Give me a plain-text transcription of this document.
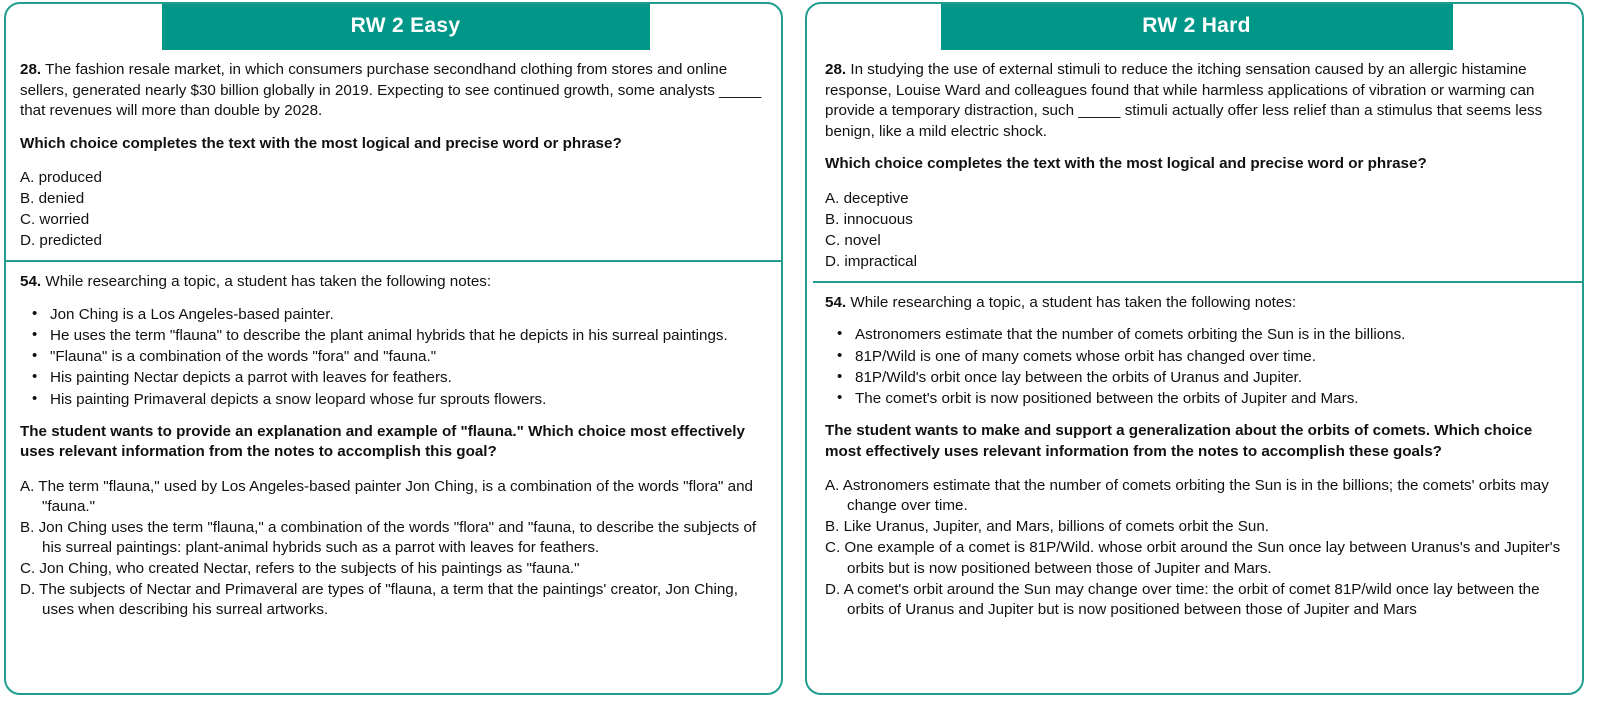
RW 2 Easy

28. The fashion resale market, in which consumers purchase secondhand clothing from stores and online sellers, generated nearly $30 billion globally in 2019. Expecting to see continued growth, some analysts _____ that revenues will more than double by 2028.

Which choice completes the text with the most logical and precise word or phrase?

A. produced
B. denied
C. worried
D. predicted

54. While researching a topic, a student has taken the following notes:

• Jon Ching is a Los Angeles-based painter.
• He uses the term "flauna" to describe the plant animal hybrids that he depicts in his surreal paintings.
• "Flauna" is a combination of the words "fora" and "fauna."
• His painting Nectar depicts a parrot with leaves for feathers.
• His painting Primaveral depicts a snow leopard whose fur sprouts flowers.

The student wants to provide an explanation and example of "flauna." Which choice most effectively uses relevant information from the notes to accomplish this goal?

A. The term "flauna," used by Los Angeles-based painter Jon Ching, is a combination of the words "flora" and "fauna."
B. Jon Ching uses the term "flauna," a combination of the words "flora" and "fauna, to describe the subjects of his surreal paintings: plant-animal hybrids such as a parrot with leaves for feathers.
C. Jon Ching, who created Nectar, refers to the subjects of his paintings as "fauna."
D. The subjects of Nectar and Primaveral are types of "flauna, a term that the paintings' creator, Jon Ching, uses when describing his surreal artworks.
RW 2 Hard

28. In studying the use of external stimuli to reduce the itching sensation caused by an allergic histamine response, Louise Ward and colleagues found that while harmless applications of vibration or warming can provide a temporary distraction, such _____ stimuli actually offer less relief than a stimulus that seems less benign, like a mild electric shock.

Which choice completes the text with the most logical and precise word or phrase?

A. deceptive
B. innocuous
C. novel
D. impractical

54. While researching a topic, a student has taken the following notes:

• Astronomers estimate that the number of comets orbiting the Sun is in the billions.
• 81P/Wild is one of many comets whose orbit has changed over time.
• 81P/Wild's orbit once lay between the orbits of Uranus and Jupiter.
• The comet's orbit is now positioned between the orbits of Jupiter and Mars.

The student wants to make and support a generalization about the orbits of comets. Which choice most effectively uses relevant information from the notes to accomplish these goals?

A. Astronomers estimate that the number of comets orbiting the Sun is in the billions; the comets' orbits may change over time.
B. Like Uranus, Jupiter, and Mars, billions of comets orbit the Sun.
C. One example of a comet is 81P/Wild. whose orbit around the Sun once lay between Uranus's and Jupiter's orbits but is now positioned between those of Jupiter and Mars.
D. A comet's orbit around the Sun may change over time: the orbit of comet 81P/wild once lay between the orbits of Uranus and Jupiter but is now positioned between those of Jupiter and Mars
